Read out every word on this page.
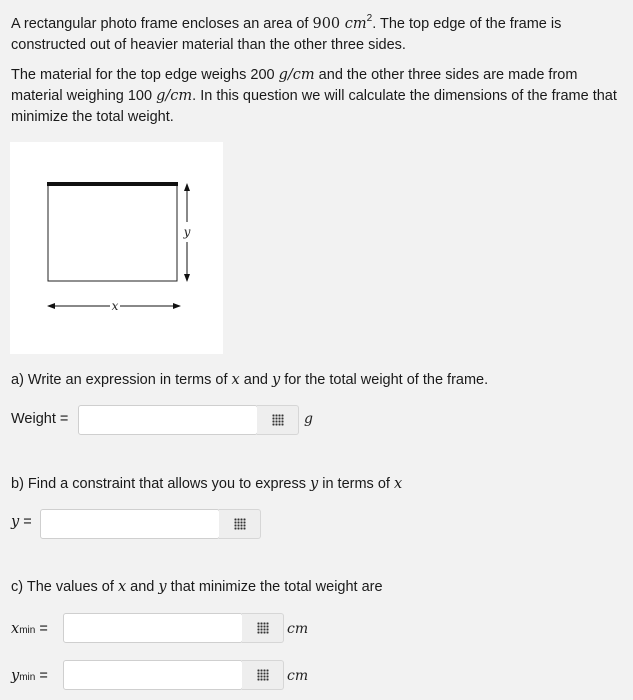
A rectangular photo frame encloses an area of 900 $cm^2$. The top edge of the frame is constructed out of heavier material than the other three sides.

The material for the top edge weighs 200 g/cm and the other three sides are made from material weighing 100 g/cm. In this question we will calculate the dimensions of the frame that minimize the total weight.

x
y
a) Write an expression in terms of x and y for the total weight of the frame.
Weight =	g
b) Find a constraint that allows you to express y in terms of x
y =
c) The values of x and y that minimize the total weight are
xmin =	cm
ymin =	cm
